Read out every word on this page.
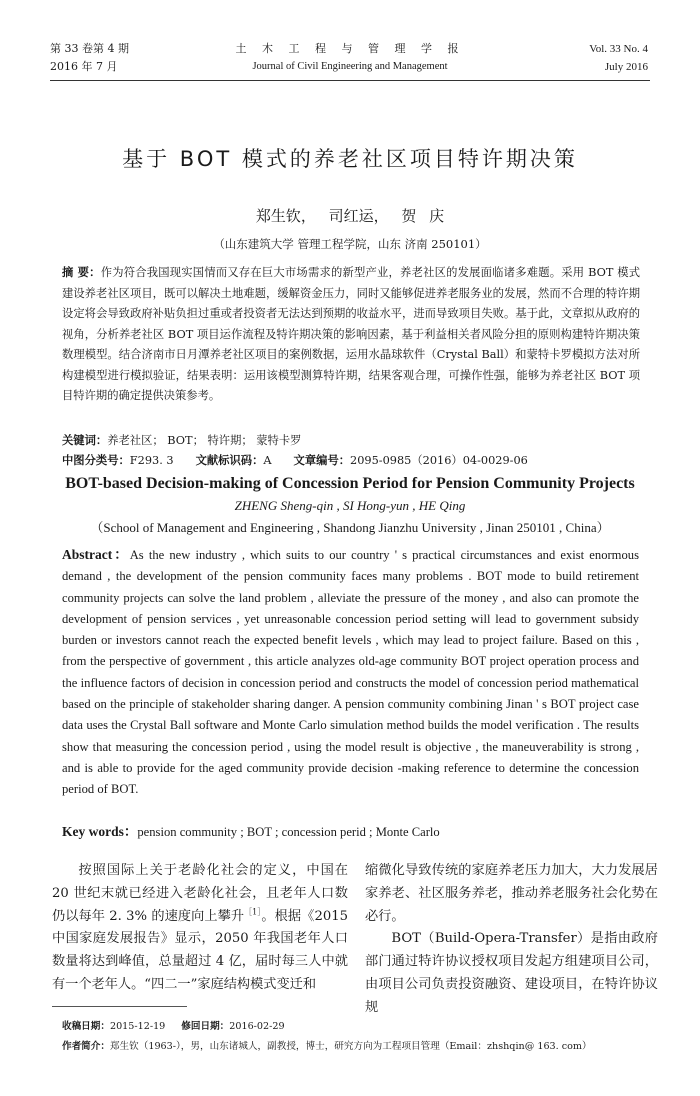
第 33 卷第 4 期
2016 年 7 月
土 木 工 程 与 管 理 学 报
Journal of Civil Engineering and Management
Vol. 33 No. 4
July 2016
基于 BOT 模式的养老社区项目特许期决策
郑生钦， 司红运， 贺 庆
（山东建筑大学 管理工程学院，山东 济南 250101）
摘 要：作为符合我国现实国情而又存在巨大市场需求的新型产业，养老社区的发展面临诸多难题。采用 BOT 模式建设养老社区项目，既可以解决土地难题，缓解资金压力，同时又能够促进养老服务业的发展，然而不合理的特许期设定将会导致政府补贴负担过重或者投资者无法达到预期的收益水平，进而导致项目失败。基于此，文章拟从政府的视角，分析养老社区 BOT 项目运作流程及特许期决策的影响因素，基于利益相关者风险分担的原则构建特许期决策数理模型。结合济南市日月潭养老社区项目的案例数据，运用水晶球软件（Crystal Ball）和蒙特卡罗模拟方法对所构建模型进行模拟验证，结果表明：运用该模型测算特许期，结果客观合理，可操作性强，能够为养老社区 BOT 项目特许期的确定提供决策参考。
关键词：养老社区； BOT； 特许期； 蒙特卡罗
中图分类号：F293. 3 文献标识码：A 文章编号：2095-0985（2016）04-0029-06
BOT-based Decision-making of Concession Period for Pension Community Projects
ZHENG Sheng-qin , SI Hong-yun , HE Qing
（School of Management and Engineering , Shandong Jianzhu University , Jinan 250101 , China）
Abstract：As the new industry , which suits to our country ' s practical circumstances and exist enormous demand , the development of the pension community faces many problems . BOT mode to build retirement community projects can solve the land problem , alleviate the pressure of the money , and also can promote the development of pension services , yet unreasonable concession period setting will lead to government subsidy burden or investors cannot reach the expected benefit levels , which may lead to project failure. Based on this , from the perspective of government , this article analyzes old-age community BOT project operation process and the influence factors of decision in concession period and constructs the model of concession period mathematical based on the principle of stakeholder sharing danger. A pension community combining Jinan ' s BOT project case data uses the Crystal Ball software and Monte Carlo simulation method builds the model verification . The results show that measuring the concession period , using the model result is objective , the maneuverability is strong , and is able to provide for the aged community provide decision -making reference to determine the concession period of BOT.
Key words：pension community ; BOT ; concession perid ; Monte Carlo

按照国际上关于老龄化社会的定义，中国在 20 世纪末就已经进入老龄化社会，且老年人口数仍以每年 2. 3% 的速度向上攀升$^{[1]}$。根据《2015 中国家庭发展报告》显示，2050 年我国老年人口数量将达到峰值，总量超过 4 亿，届时每三人中就有一个老年人。“四二一”家庭结构模式变迁和

缩微化导致传统的家庭养老压力加大，大力发展居家养老、社区服务养老，推动养老服务社会化势在必行。

BOT（Build-Opera-Transfer）是指由政府部门通过特许协议授权项目发起方组建项目公司，由项目公司负责投资融资、建设项目，在特许协议规

收稿日期：2015-12-19 修回日期：2016-02-29
作者简介：郑生钦（1963-），男，山东诸城人，副教授，博士，研究方向为工程项目管理（Email：zhshqin@ 163. com）
